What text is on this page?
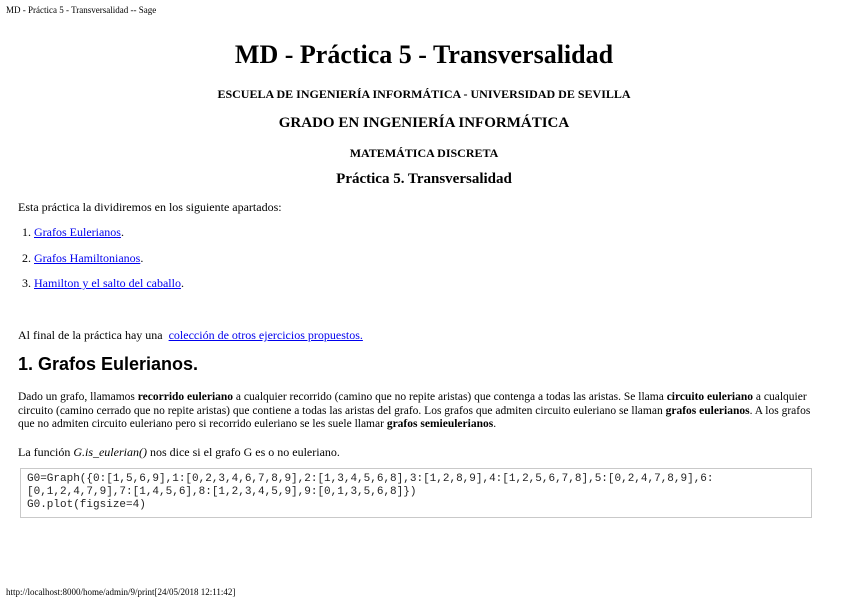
MD - Práctica 5 - Transversalidad -- Sage
MD - Práctica 5 - Transversalidad

ESCUELA DE INGENIERÍA INFORMÁTICA - UNIVERSIDAD DE SEVILLA

GRADO EN INGENIERÍA INFORMÁTICA

MATEMÁTICA DISCRETA

Práctica 5. Transversalidad

Esta práctica la dividiremos en los siguiente apartados:

1. Grafos Eulerianos.
2. Grafos Hamiltonianos.
3. Hamilton y el salto del caballo.

Al final de la práctica hay una colección de otros ejercicios propuestos.

1. Grafos Eulerianos.

Dado un grafo, llamamos recorrido euleriano a cualquier recorrido (camino que no repite aristas) que contenga a todas las aristas. Se llama circuito euleriano a cualquier circuito (camino cerrado que no repite aristas) que contiene a todas las aristas del grafo. Los grafos que admiten circuito euleriano se llaman grafos eulerianos. A los grafos que no admiten circuito euleriano pero si recorrido euleriano se les suele llamar grafos semieulerianos.

La función G.is_eulerian() nos dice si el grafo G es o no euleriano.

G0=Graph({0:[1,5,6,9],1:[0,2,3,4,6,7,8,9],2:[1,3,4,5,6,8],3:[1,2,8,9],4:[1,2,5,6,7,8],5:[0,2,4,7,8,9],6:
[0,1,2,4,7,9],7:[1,4,5,6],8:[1,2,3,4,5,9],9:[0,1,3,5,6,8]})
G0.plot(figsize=4)
http://localhost:8000/home/admin/9/print[24/05/2018 12:11:42]
